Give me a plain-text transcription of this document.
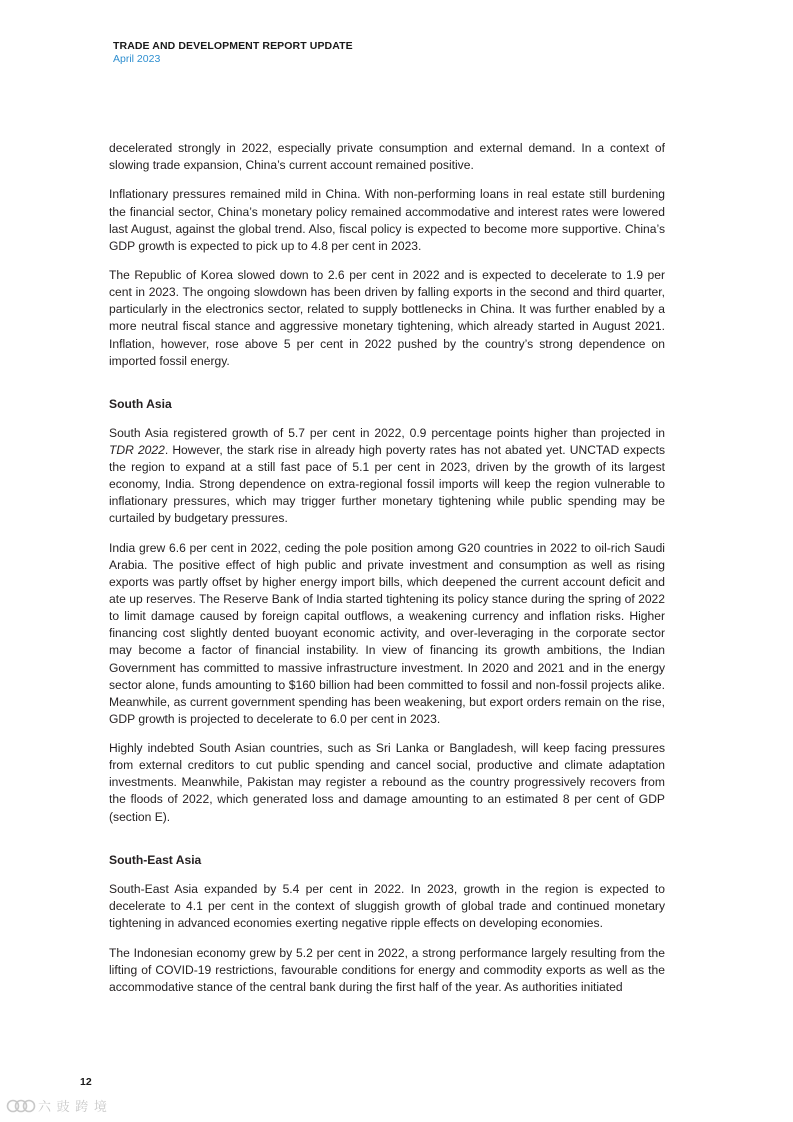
TRADE AND DEVELOPMENT REPORT UPDATE
April 2023

decelerated strongly in 2022, especially private consumption and external demand. In a context of slowing trade expansion, China’s current account remained positive.

Inflationary pressures remained mild in China. With non-performing loans in real estate still burdening the financial sector, China’s monetary policy remained accommodative and interest rates were lowered last August, against the global trend. Also, fiscal policy is expected to become more supportive. China’s GDP growth is expected to pick up to 4.8 per cent in 2023.

The Republic of Korea slowed down to 2.6 per cent in 2022 and is expected to decelerate to 1.9 per cent in 2023. The ongoing slowdown has been driven by falling exports in the second and third quarter, particularly in the electronics sector, related to supply bottlenecks in China. It was further enabled by a more neutral fiscal stance and aggressive monetary tightening, which already started in August 2021. Inflation, however, rose above 5 per cent in 2022 pushed by the country’s strong dependence on imported fossil energy.

South Asia

South Asia registered growth of 5.7 per cent in 2022, 0.9 percentage points higher than projected in TDR 2022. However, the stark rise in already high poverty rates has not abated yet. UNCTAD expects the region to expand at a still fast pace of 5.1 per cent in 2023, driven by the growth of its largest economy, India. Strong dependence on extra-regional fossil imports will keep the region vulnerable to inflationary pressures, which may trigger further monetary tightening while public spending may be curtailed by budgetary pressures.

India grew 6.6 per cent in 2022, ceding the pole position among G20 countries in 2022 to oil-rich Saudi Arabia. The positive effect of high public and private investment and consumption as well as rising exports was partly offset by higher energy import bills, which deepened the current account deficit and ate up reserves. The Reserve Bank of India started tightening its policy stance during the spring of 2022 to limit damage caused by foreign capital outflows, a weakening currency and inflation risks. Higher financing cost slightly dented buoyant economic activity, and over-leveraging in the corporate sector may become a factor of financial instability. In view of financing its growth ambitions, the Indian Government has committed to massive infrastructure investment. In 2020 and 2021 and in the energy sector alone, funds amounting to $160 billion had been committed to fossil and non-fossil projects alike. Meanwhile, as current government spending has been weakening, but export orders remain on the rise, GDP growth is projected to decelerate to 6.0 per cent in 2023.

Highly indebted South Asian countries, such as Sri Lanka or Bangladesh, will keep facing pressures from external creditors to cut public spending and cancel social, productive and climate adaptation investments. Meanwhile, Pakistan may register a rebound as the country progressively recovers from the floods of 2022, which generated loss and damage amounting to an estimated 8 per cent of GDP (section E).

South-East Asia

South-East Asia expanded by 5.4 per cent in 2022. In 2023, growth in the region is expected to decelerate to 4.1 per cent in the context of sluggish growth of global trade and continued monetary tightening in advanced economies exerting negative ripple effects on developing economies.

The Indonesian economy grew by 5.2 per cent in 2022, a strong performance largely resulting from the lifting of COVID-19 restrictions, favourable conditions for energy and commodity exports as well as the accommodative stance of the central bank during the first half of the year. As authorities initiated

12
六 豉 跨 境
